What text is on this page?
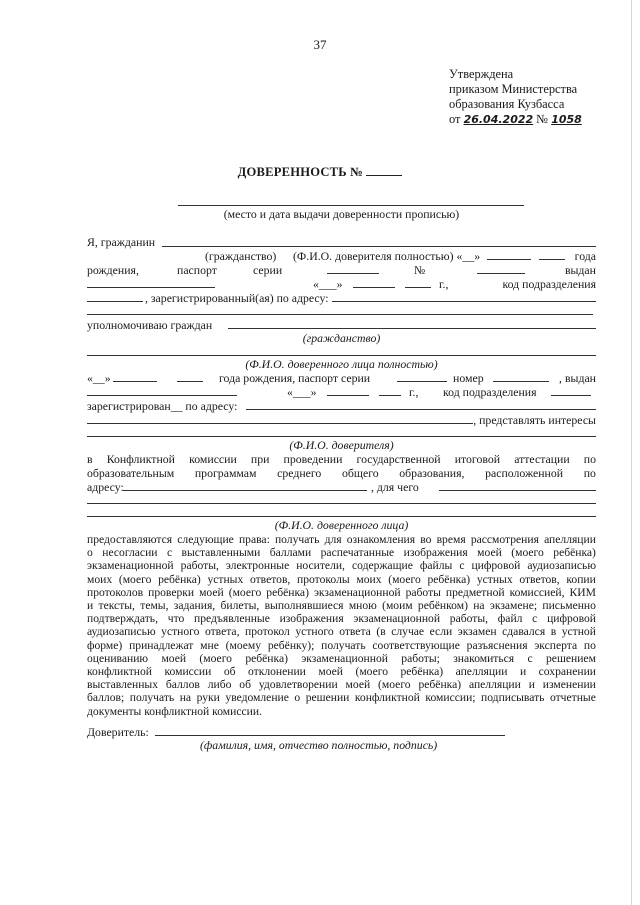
37
Утверждена
приказом Министерства
образования Кузбасса
от 26.04.2022 № 1058
ДОВЕРЕННОСТЬ №
(место и дата выдачи доверенности прописью)
Я, гражданин
(гражданство) (Ф.И.О. доверителя полностью) «__»	года
рождения,	паспорт	серии	№	выдан
«___»	г.,	код подразделения
, зарегистрированный(ая) по адресу:
уполномочиваю граждан
(гражданство)
(Ф.И.О. доверенного лица полностью)
«__»	года рождения, паспорт серии	номер	, выдан
«___»	г., код подразделения
зарегистрирован__ по адресу:
, представлять интересы
(Ф.И.О. доверителя)
в Конфликтной комиссии при проведении государственной итоговой аттестации по
образовательным программам среднего общего образования, расположенной по
адресу:	, для чего
(Ф.И.О. доверенного лица)
предоставляются следующие права: получать для ознакомления во время рассмотрения апелляции
о несогласии с выставленными баллами распечатанные изображения моей (моего ребёнка)
экзаменационной работы, электронные носители, содержащие файлы с цифровой аудиозаписью
моих (моего ребёнка) устных ответов, протоколы моих (моего ребёнка) устных ответов, копии
протоколов проверки моей (моего ребёнка) экзаменационной работы предметной комиссией, КИМ
и тексты, темы, задания, билеты, выполнявшиеся мною (моим ребёнком) на экзамене; письменно
подтверждать, что предъявленные изображения экзаменационной работы, файл с цифровой
аудиозаписью устного ответа, протокол устного ответа (в случае если экзамен сдавался в устной
форме) принадлежат мне (моему ребёнку); получать соответствующие разъяснения эксперта по
оцениванию моей (моего ребёнка) экзаменационной работы; знакомиться с решением
конфликтной комиссии об отклонении моей (моего ребёнка) апелляции и сохранении
выставленных баллов либо об удовлетворении моей (моего ребёнка) апелляции и изменении
баллов; получать на руки уведомление о решении конфликтной комиссии; подписывать отчетные
документы конфликтной комиссии.
Доверитель:
(фамилия, имя, отчество полностью, подпись)
